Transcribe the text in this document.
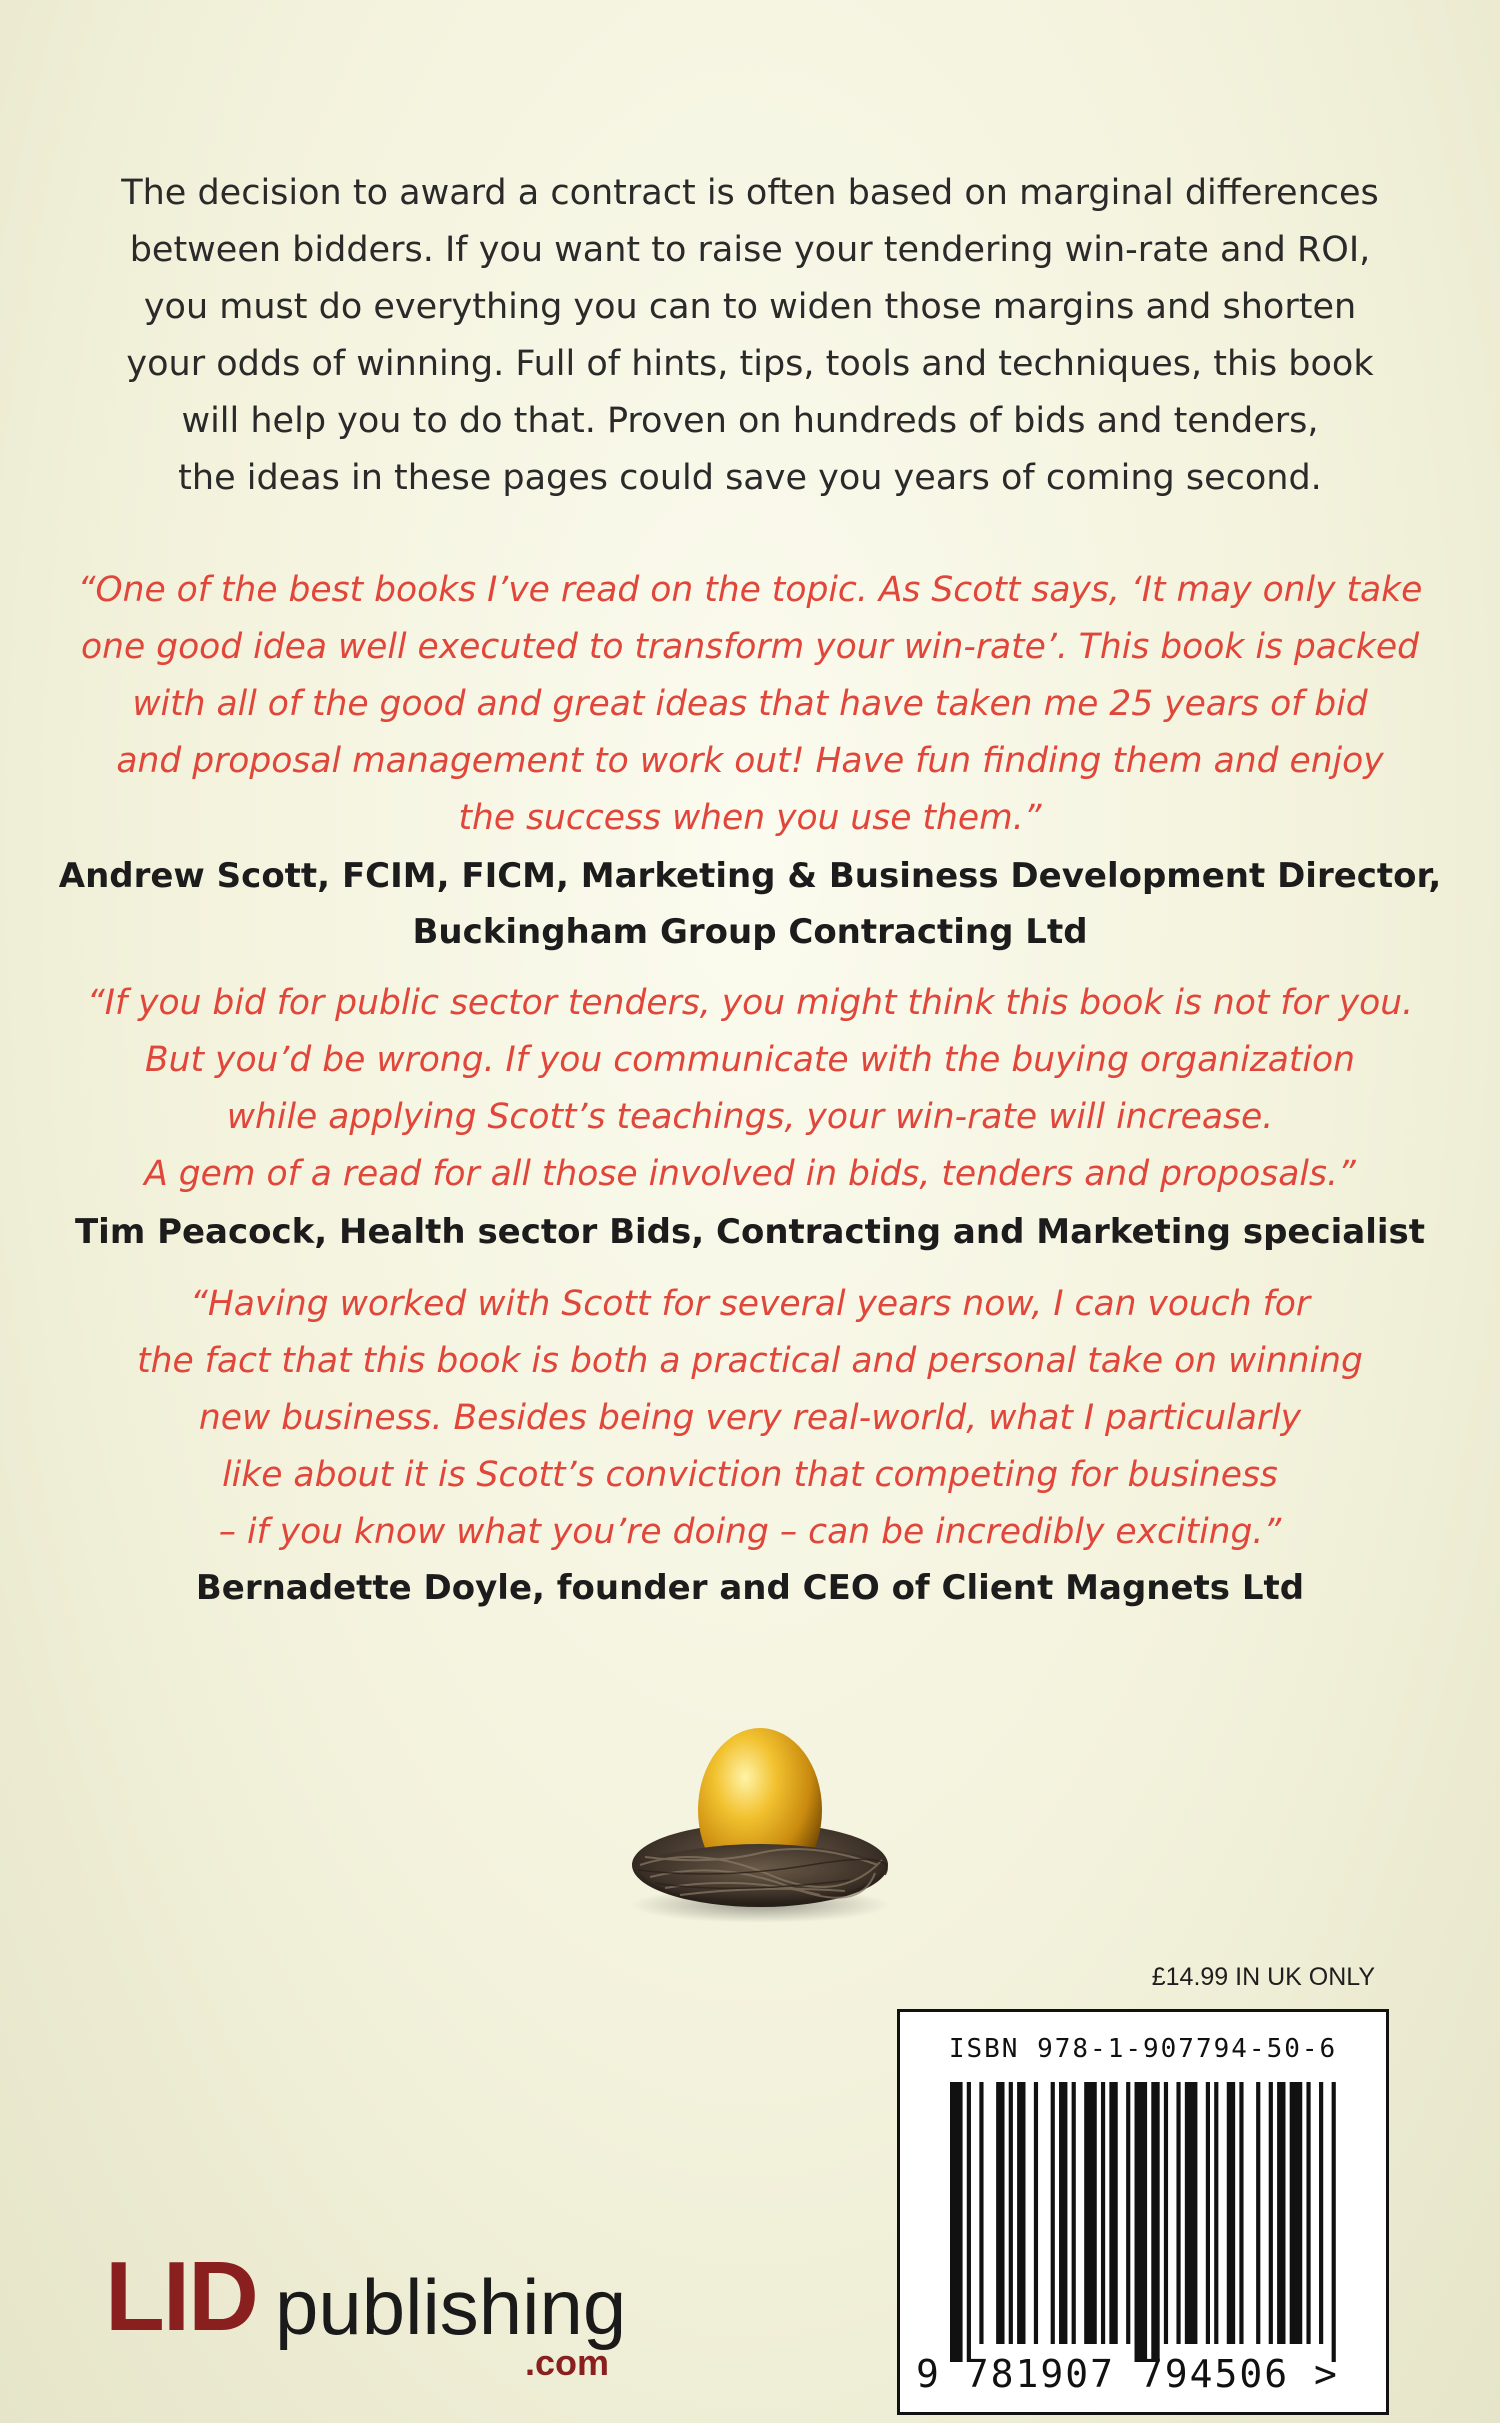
The decision to award a contract is often based on marginal differences
between bidders. If you want to raise your tendering win-rate and ROI,
you must do everything you can to widen those margins and shorten
your odds of winning. Full of hints, tips, tools and techniques, this book
will help you to do that. Proven on hundreds of bids and tenders,
the ideas in these pages could save you years of coming second.

“One of the best books I’ve read on the topic. As Scott says, ‘It may only take
one good idea well executed to transform your win-rate’. This book is packed
with all of the good and great ideas that have taken me 25 years of bid
and proposal management to work out! Have fun finding them and enjoy
the success when you use them.”

Andrew Scott, FCIM, FICM, Marketing & Business Development Director,
Buckingham Group Contracting Ltd

“If you bid for public sector tenders, you might think this book is not for you.
But you’d be wrong. If you communicate with the buying organization
while applying Scott’s teachings, your win-rate will increase.
A gem of a read for all those involved in bids, tenders and proposals.”

Tim Peacock, Health sector Bids, Contracting and Marketing specialist

“Having worked with Scott for several years now, I can vouch for
the fact that this book is both a practical and personal take on winning
new business. Besides being very real-world, what I particularly
like about it is Scott’s conviction that competing for business
– if you know what you’re doing – can be incredibly exciting.”

Bernadette Doyle, founder and CEO of Client Magnets Ltd

£14.99 IN UK ONLY
ISBN 978-1-907794-50-6
9 781907 794506 >
LID publishing
.com
